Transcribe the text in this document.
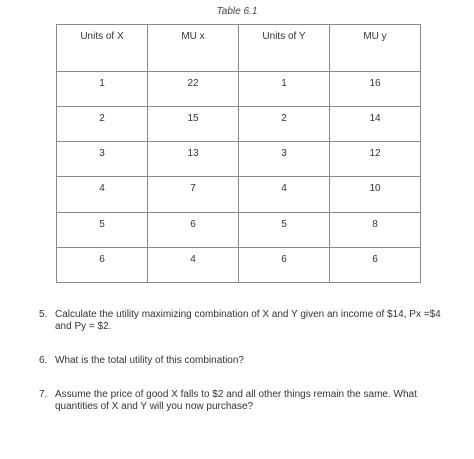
Table 6.1
Units of X	MU x	Units of Y	MU y
1	22	1	16
2	15	2	14
3	13	3	12
4	7	4	10
5	6	5	8
6	4	6	6
5. Calculate the utility maximizing combination of X and Y given an income of $14, Px =$4 and Py = $2.
6. What is the total utility of this combination?
7. Assume the price of good X falls to $2 and all other things remain the same. What quantities of X and Y will you now purchase?
